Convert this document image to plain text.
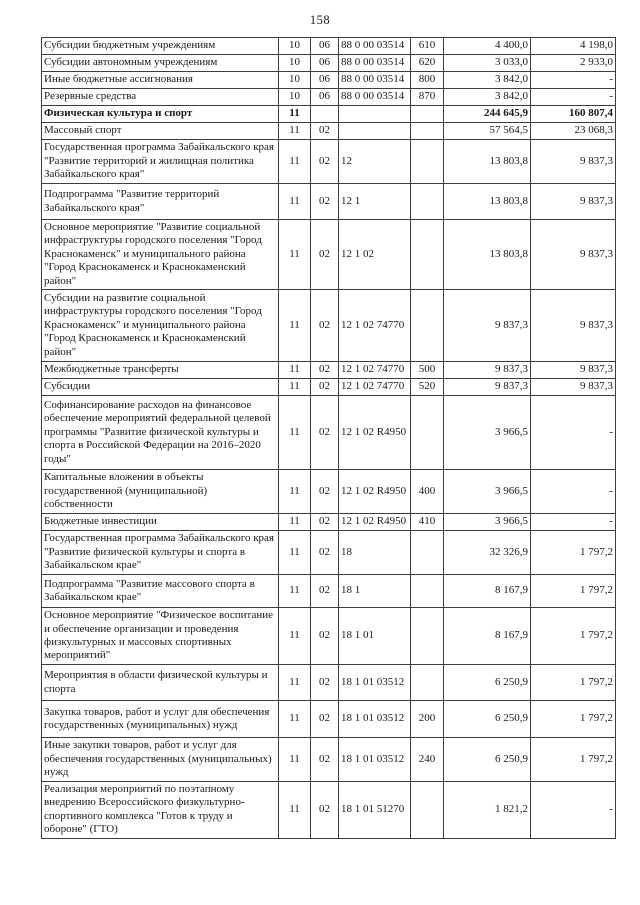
158
Субсидии бюджетным учреждениям	10	06	88 0 00 03514	610	4 400,0	4 198,0
Субсидии автономным учреждениям	10	06	88 0 00 03514	620	3 033,0	2 933,0
Иные бюджетные ассигнования	10	06	88 0 00 03514	800	3 842,0	-
Резервные средства	10	06	88 0 00 03514	870	3 842,0	-
Физическая культура и спорт	11				244 645,9	160 807,4
Массовый спорт	11	02			57 564,5	23 068,3
Государственная программа Забайкальского края "Развитие территорий и жилищная политика Забайкальского края"	11	02	12		13 803,8	9 837,3
Подпрограмма "Развитие территорий Забайкальского края"	11	02	12 1		13 803,8	9 837,3
Основное мероприятие "Развитие социальной инфраструктуры городского поселения "Город Краснокаменск" и муниципального района "Город Краснокаменск и Краснокаменский район"	11	02	12 1 02		13 803,8	9 837,3
Субсидии на развитие социальной инфраструктуры городского поселения "Город Краснокаменск" и муниципального района "Город Краснокаменск и Краснокаменский район"	11	02	12 1 02 74770		9 837,3	9 837,3
Межбюджетные трансферты	11	02	12 1 02 74770	500	9 837,3	9 837,3
Субсидии	11	02	12 1 02 74770	520	9 837,3	9 837,3
Софинансирование расходов на финансовое обеспечение мероприятий федеральной целевой программы "Развитие физической культуры и спорта в Российской Федерации на 2016–2020 годы"	11	02	12 1 02 R4950		3 966,5	-
Капитальные вложения в объекты государственной (муниципальной) собственности	11	02	12 1 02 R4950	400	3 966,5	-
Бюджетные инвестиции	11	02	12 1 02 R4950	410	3 966,5	-
Государственная программа Забайкальского края "Развитие физической культуры и спорта в Забайкальском крае"	11	02	18		32 326,9	1 797,2
Подпрограмма "Развитие массового спорта в Забайкальском крае"	11	02	18 1		8 167,9	1 797,2
Основное мероприятие "Физическое воспитание и обеспечение организации и проведения физкультурных и массовых спортивных мероприятий"	11	02	18 1 01		8 167,9	1 797,2
Мероприятия в области физической культуры и спорта	11	02	18 1 01 03512		6 250,9	1 797,2
Закупка товаров, работ и услуг для обеспечения государственных (муниципальных) нужд	11	02	18 1 01 03512	200	6 250,9	1 797,2
Иные закупки товаров, работ и услуг для обеспечения государственных (муниципальных) нужд	11	02	18 1 01 03512	240	6 250,9	1 797,2
Реализация мероприятий по поэтапному внедрению Всероссийского физкультурно-спортивного комплекса "Готов к труду и обороне" (ГТО)	11	02	18 1 01 51270		1 821,2	-
